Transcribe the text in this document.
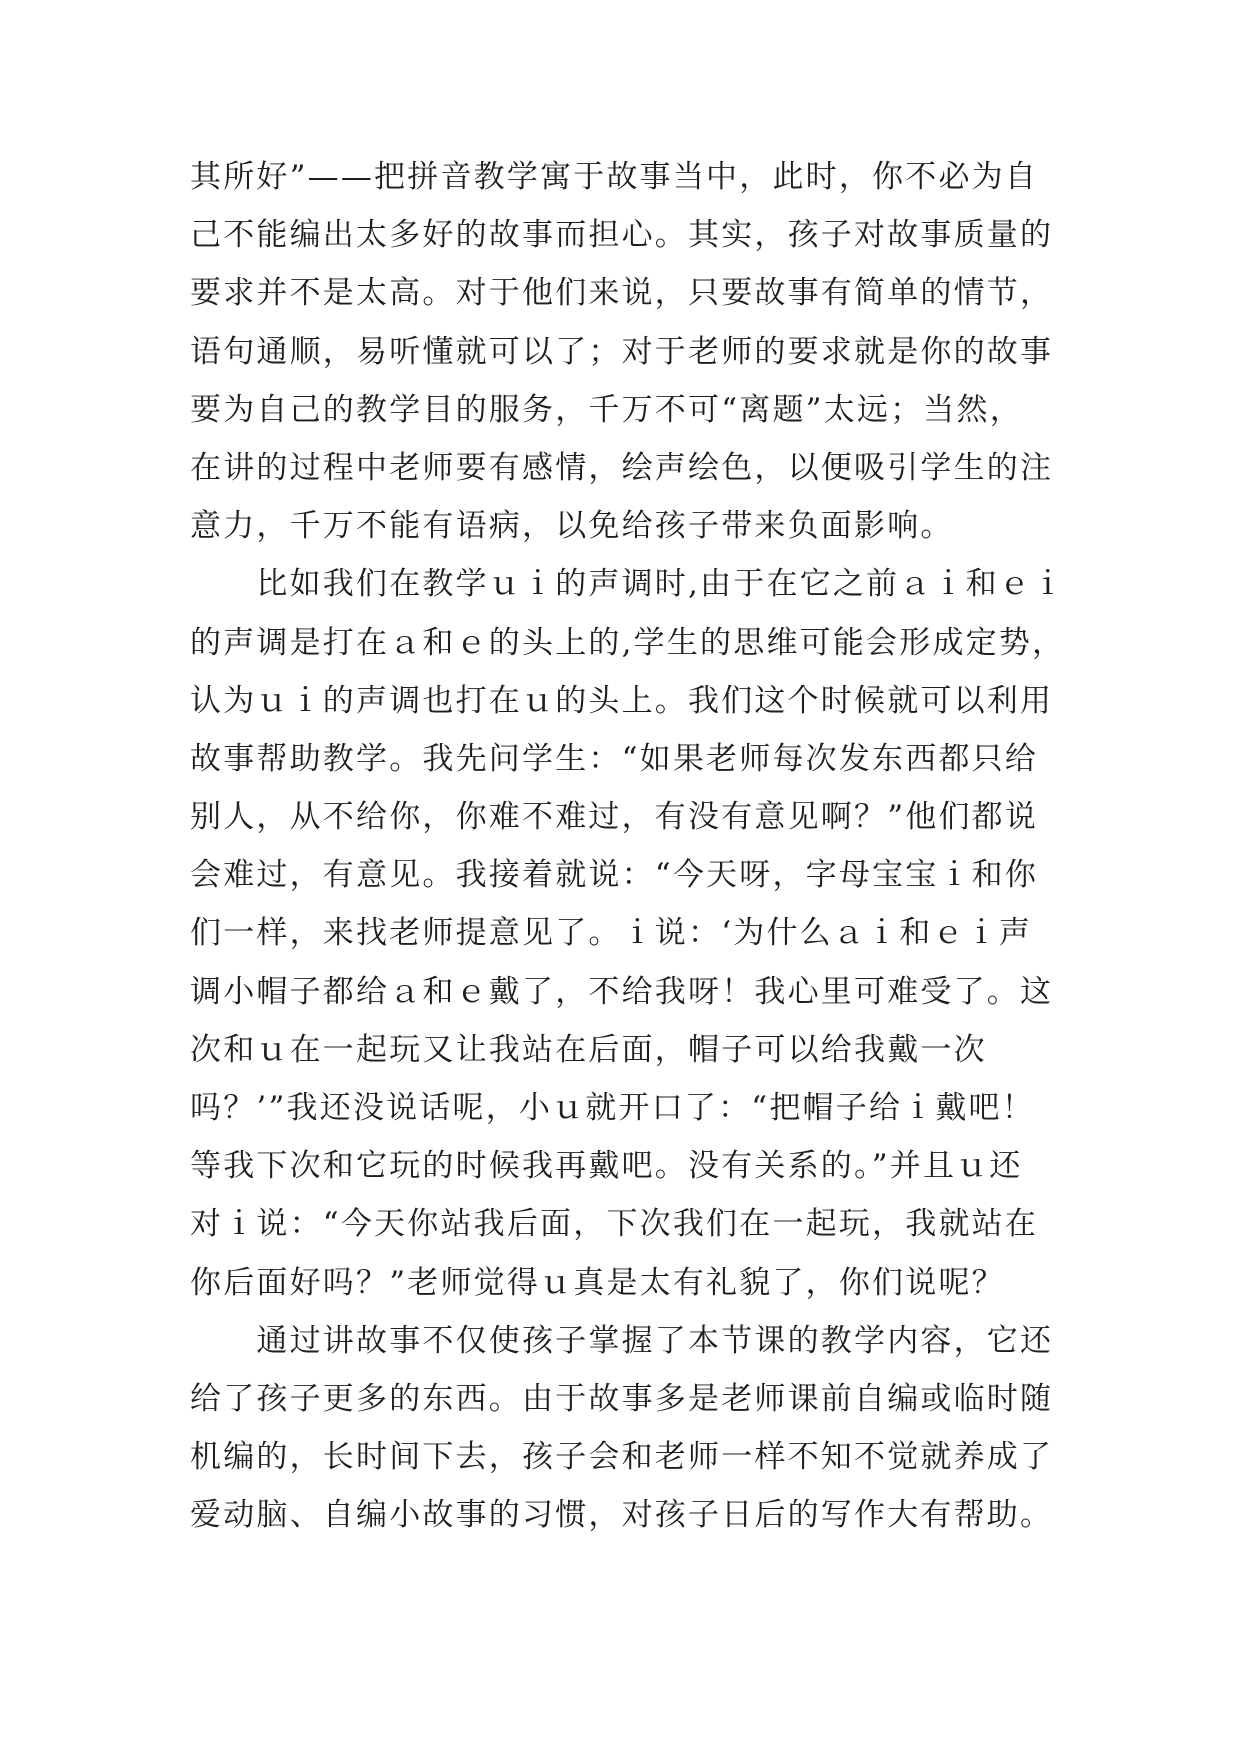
其所好”——把拼音教学寓于故事当中，此时，你不必为自
己不能编出太多好的故事而担心。其实，孩子对故事质量的
要求并不是太高。对于他们来说，只要故事有简单的情节，
语句通顺，易听懂就可以了；对于老师的要求就是你的故事
要为自己的教学目的服务，千万不可“离题”太远；当然，
在讲的过程中老师要有感情，绘声绘色，以便吸引学生的注
意力，千万不能有语病，以免给孩子带来负面影响。
　　比如我们在教学ｕｉ的声调时,由于在它之前ａｉ和ｅｉ
的声调是打在ａ和ｅ的头上的,学生的思维可能会形成定势，
认为ｕｉ的声调也打在ｕ的头上。我们这个时候就可以利用
故事帮助教学。我先问学生：“如果老师每次发东西都只给
别人，从不给你，你难不难过，有没有意见啊？”他们都说
会难过，有意见。我接着就说：“今天呀，字母宝宝ｉ和你
们一样，来找老师提意见了。ｉ说：‘为什么ａｉ和ｅｉ声
调小帽子都给ａ和ｅ戴了，不给我呀！我心里可难受了。这
次和ｕ在一起玩又让我站在后面，帽子可以给我戴一次
吗？’”我还没说话呢，小ｕ就开口了：“把帽子给ｉ戴吧！
等我下次和它玩的时候我再戴吧。没有关系的。”并且ｕ还
对ｉ说：“今天你站我后面，下次我们在一起玩，我就站在
你后面好吗？”老师觉得ｕ真是太有礼貌了，你们说呢？
　　通过讲故事不仅使孩子掌握了本节课的教学内容，它还
给了孩子更多的东西。由于故事多是老师课前自编或临时随
机编的，长时间下去，孩子会和老师一样不知不觉就养成了
爱动脑、自编小故事的习惯，对孩子日后的写作大有帮助。
